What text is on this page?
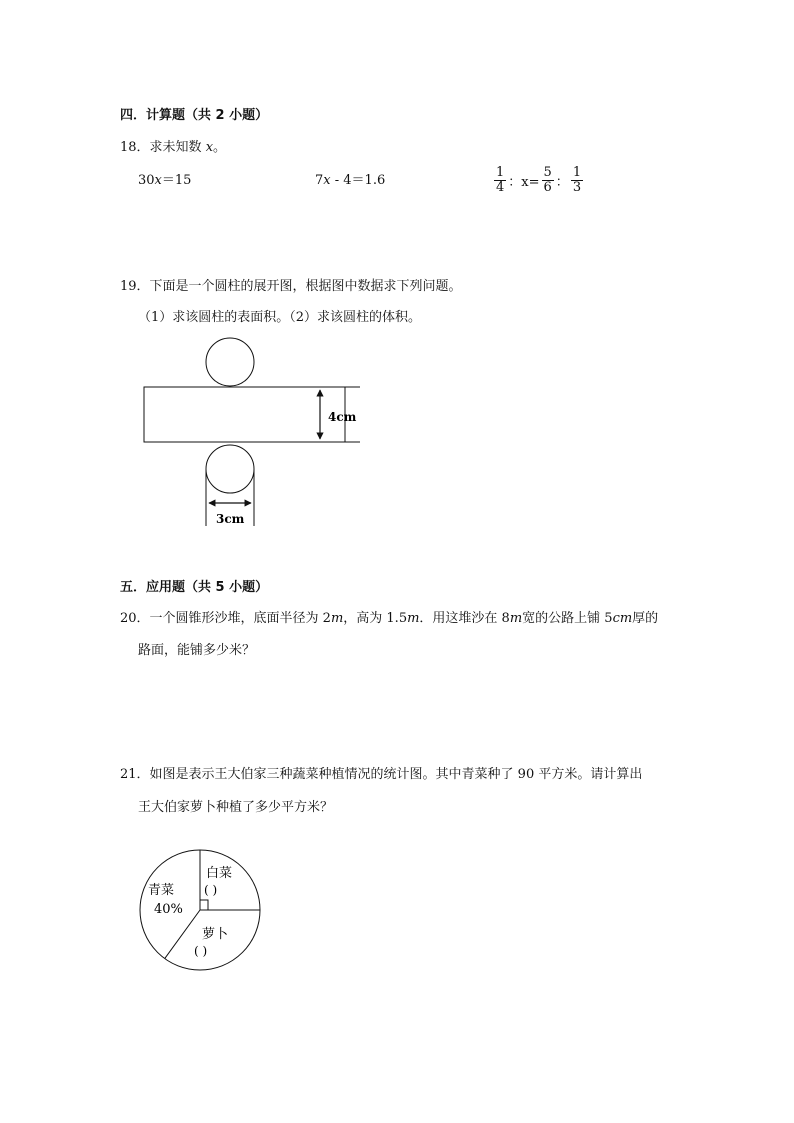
四．计算题（共 2 小题）
18．求未知数 x。
30x＝15	7x - 4＝1.6	$\frac{1}{4}$ ：$x= \frac{5}{6}$ ： $\frac{1}{3}$
19．下面是一个圆柱的展开图，根据图中数据求下列问题。
（1）求该圆柱的表面积。（2）求该圆柱的体积。
4cm
3cm
五．应用题（共 5 小题）
20．一个圆锥形沙堆，底面半径为 2m，高为 1.5m．用这堆沙在 8m宽的公路上铺 5cm厚的
路面，能铺多少米？
21．如图是表示王大伯家三种蔬菜种植情况的统计图。其中青菜种了 90 平方米。请计算出
王大伯家萝卜种植了多少平方米？
白菜
( )
青菜
40%
萝卜
( )
